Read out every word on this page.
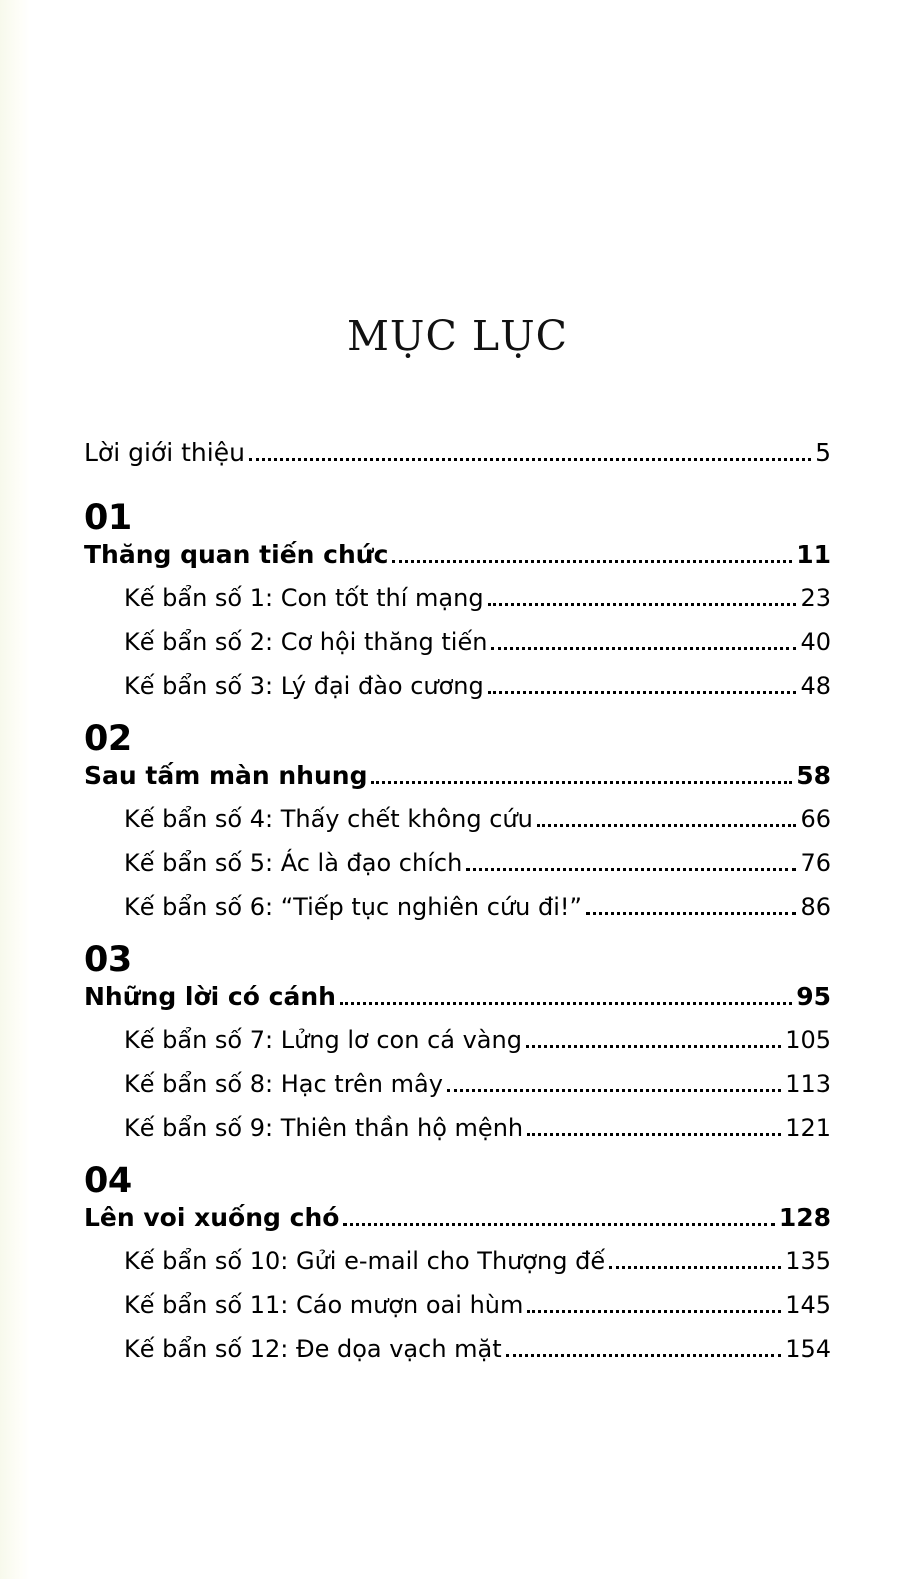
MỤC LỤC
Lời giới thiệu	5
01
Thăng quan tiến chức	11
Kế bẩn số 1: Con tốt thí mạng	23
Kế bẩn số 2: Cơ hội thăng tiến	40
Kế bẩn số 3: Lý đại đào cương	48
02
Sau tấm màn nhung	58
Kế bẩn số 4: Thấy chết không cứu	66
Kế bẩn số 5: Ác là đạo chích	76
Kế bẩn số 6: “Tiếp tục nghiên cứu đi!”	86
03
Những lời có cánh	95
Kế bẩn số 7: Lửng lơ con cá vàng	105
Kế bẩn số 8: Hạc trên mây	113
Kế bẩn số 9: Thiên thần hộ mệnh	121
04
Lên voi xuống chó	128
Kế bẩn số 10: Gửi e-mail cho Thượng đế	135
Kế bẩn số 11: Cáo mượn oai hùm	145
Kế bẩn số 12: Đe dọa vạch mặt	154
